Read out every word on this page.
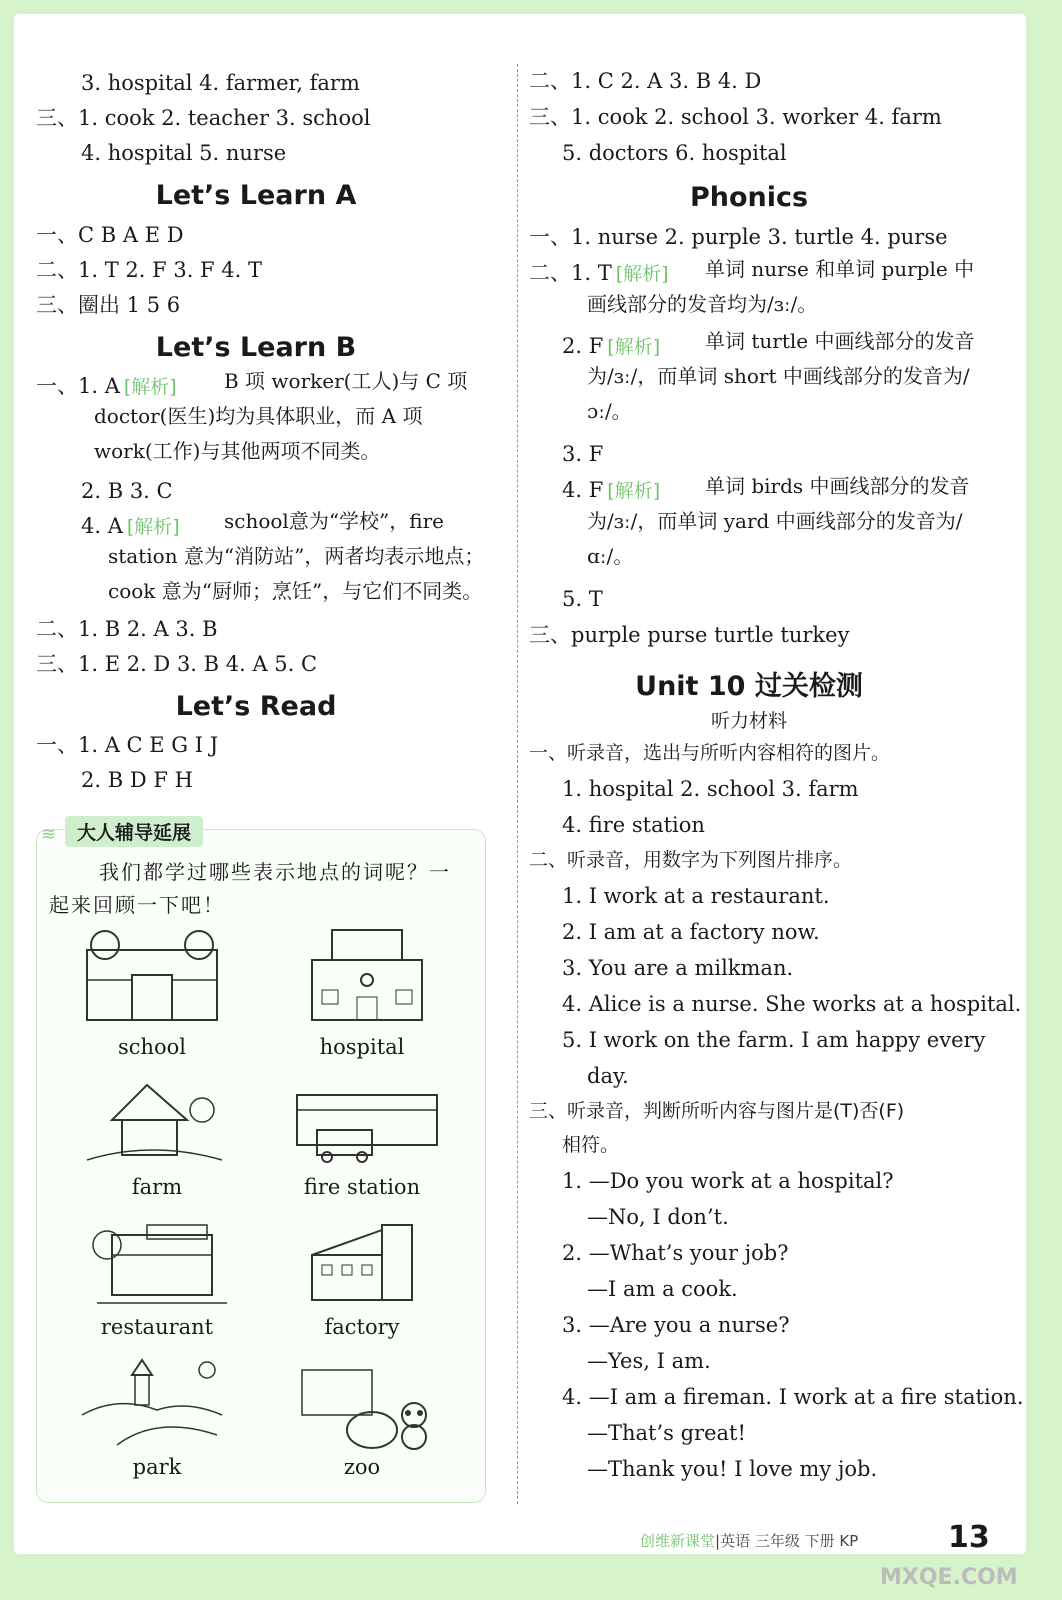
3. hospital 4. farmer, farm
三、1. cook 2. teacher 3. school
4. hospital 5. nurse
Let’s Learn A
一、C B A E D
二、1. T 2. F 3. F 4. T
三、圈出 1 5 6
Let’s Learn B
一、1. A [解析]	B 项 worker(工人)与 C 项 doctor(医生)均为具体职业，而 A 项 work(工作)与其他两项不同类。
2. B 3. C
4. A [解析]	school意为“学校”，fire station 意为“消防站”，两者均表示地点；cook 意为“厨师；烹饪”，与它们不同类。
二、1. B 2. A 3. B
三、1. E 2. D 3. B 4. A 5. C
Let’s Read
一、1. A C E G I J
2. B D F H
≋	大人辅导延展
我们都学过哪些表示地点的词呢？一起来回顾一下吧！
school	hospital
farm	fire station
restaurant	factory
park	zoo
二、1. C 2. A 3. B 4. D
三、1. cook 2. school 3. worker 4. farm
5. doctors 6. hospital
Phonics
一、1. nurse 2. purple 3. turtle 4. purse
二、1. T [解析]	单词 nurse 和单词 purple 中画线部分的发音均为/ɜː/。
2. F [解析]	单词 turtle 中画线部分的发音为/ɜː/，而单词 short 中画线部分的发音为/ɔː/。
3. F
4. F [解析]	单词 birds 中画线部分的发音为/ɜː/，而单词 yard 中画线部分的发音为/ɑː/。
5. T
三、purple purse turtle turkey
Unit 10 过关检测
听力材料
一、听录音，选出与所听内容相符的图片。
1. hospital 2. school 3. farm
4. fire station
二、听录音，用数字为下列图片排序。
1. I work at a restaurant.
2. I am at a factory now.
3. You are a milkman.
4. Alice is a nurse. She works at a hospital.
5. I work on the farm. I am happy every
day.
三、听录音，判断所听内容与图片是(T)否(F)
相符。
1. —Do you work at a hospital?
—No, I don’t.
2. —What’s your job?
—I am a cook.
3. —Are you a nurse?
—Yes, I am.
4. —I am a fireman. I work at a fire station.
—That’s great!
—Thank you! I love my job.
创维新课堂|英语 三年级 下册 KP	13
MXQE.COM
